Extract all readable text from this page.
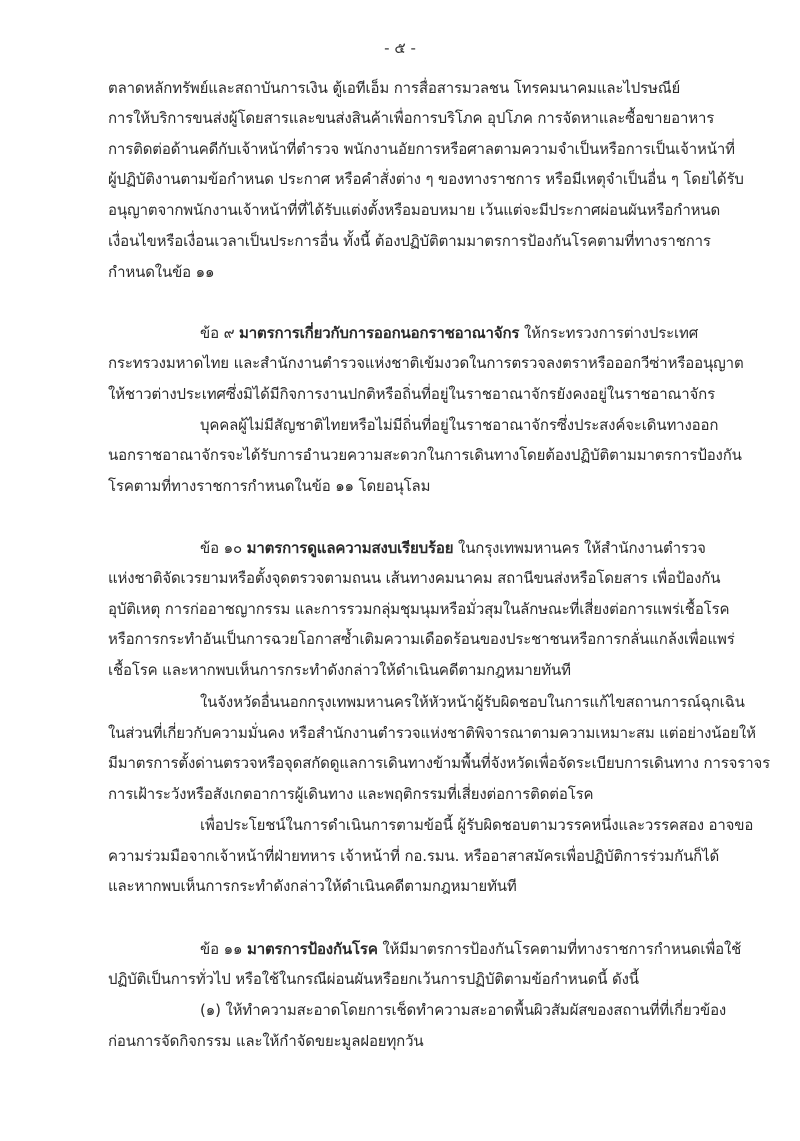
- ๕ -
ตลาดหลักทรัพย์และสถาบันการเงิน ตู้เอทีเอ็ม การสื่อสารมวลชน โทรคมนาคมและไปรษณีย์
การให้บริการขนส่งผู้โดยสารและขนส่งสินค้าเพื่อการบริโภค อุปโภค การจัดหาและซื้อขายอาหาร
การติดต่อด้านคดีกับเจ้าหน้าที่ตำรวจ พนักงานอัยการหรือศาลตามความจำเป็นหรือการเป็นเจ้าหน้าที่
ผู้ปฏิบัติงานตามข้อกำหนด ประกาศ หรือคำสั่งต่าง ๆ ของทางราชการ หรือมีเหตุจำเป็นอื่น ๆ โดยได้รับ
อนุญาตจากพนักงานเจ้าหน้าที่ที่ได้รับแต่งตั้งหรือมอบหมาย เว้นแต่จะมีประกาศผ่อนผันหรือกำหนด
เงื่อนไขหรือเงื่อนเวลาเป็นประการอื่น ทั้งนี้ ต้องปฏิบัติตามมาตรการป้องกันโรคตามที่ทางราชการ
กำหนดในข้อ ๑๑
ข้อ ๙ มาตรการเกี่ยวกับการออกนอกราชอาณาจักร ให้กระทรวงการต่างประเทศ
กระทรวงมหาดไทย และสำนักงานตำรวจแห่งชาติเข้มงวดในการตรวจลงตราหรือออกวีซ่าหรืออนุญาต
ให้ชาวต่างประเทศซึ่งมิได้มีกิจการงานปกติหรือถิ่นที่อยู่ในราชอาณาจักรยังคงอยู่ในราชอาณาจักร
บุคคลผู้ไม่มีสัญชาติไทยหรือไม่มีถิ่นที่อยู่ในราชอาณาจักรซึ่งประสงค์จะเดินทางออก
นอกราชอาณาจักรจะได้รับการอำนวยความสะดวกในการเดินทางโดยต้องปฏิบัติตามมาตรการป้องกัน
โรคตามที่ทางราชการกำหนดในข้อ ๑๑ โดยอนุโลม
ข้อ ๑๐ มาตรการดูแลความสงบเรียบร้อย ในกรุงเทพมหานคร ให้สำนักงานตำรวจ
แห่งชาติจัดเวรยามหรือตั้งจุดตรวจตามถนน เส้นทางคมนาคม สถานีขนส่งหรือโดยสาร เพื่อป้องกัน
อุบัติเหตุ การก่ออาชญากรรม และการรวมกลุ่มชุมนุมหรือมั่วสุมในลักษณะที่เสี่ยงต่อการแพร่เชื้อโรค
หรือการกระทำอันเป็นการฉวยโอกาสซ้ำเติมความเดือดร้อนของประชาชนหรือการกลั่นแกล้งเพื่อแพร่
เชื้อโรค และหากพบเห็นการกระทำดังกล่าวให้ดำเนินคดีตามกฎหมายทันที
ในจังหวัดอื่นนอกกรุงเทพมหานครให้หัวหน้าผู้รับผิดชอบในการแก้ไขสถานการณ์ฉุกเฉิน
ในส่วนที่เกี่ยวกับความมั่นคง หรือสำนักงานตำรวจแห่งชาติพิจารณาตามความเหมาะสม แต่อย่างน้อยให้
มีมาตรการตั้งด่านตรวจหรือจุดสกัดดูแลการเดินทางข้ามพื้นที่จังหวัดเพื่อจัดระเบียบการเดินทาง การจราจร
การเฝ้าระวังหรือสังเกตอาการผู้เดินทาง และพฤติกรรมที่เสี่ยงต่อการติดต่อโรค
เพื่อประโยชน์ในการดำเนินการตามข้อนี้ ผู้รับผิดชอบตามวรรคหนึ่งและวรรคสอง อาจขอ
ความร่วมมือจากเจ้าหน้าที่ฝ่ายทหาร เจ้าหน้าที่ กอ.รมน. หรืออาสาสมัครเพื่อปฏิบัติการร่วมกันก็ได้
และหากพบเห็นการกระทำดังกล่าวให้ดำเนินคดีตามกฎหมายทันที
ข้อ ๑๑ มาตรการป้องกันโรค ให้มีมาตรการป้องกันโรคตามที่ทางราชการกำหนดเพื่อใช้
ปฏิบัติเป็นการทั่วไป หรือใช้ในกรณีผ่อนผันหรือยกเว้นการปฏิบัติตามข้อกำหนดนี้ ดังนี้
(๑) ให้ทำความสะอาดโดยการเช็ดทำความสะอาดพื้นผิวสัมผัสของสถานที่ที่เกี่ยวข้อง
ก่อนการจัดกิจกรรม และให้กำจัดขยะมูลฝอยทุกวัน
